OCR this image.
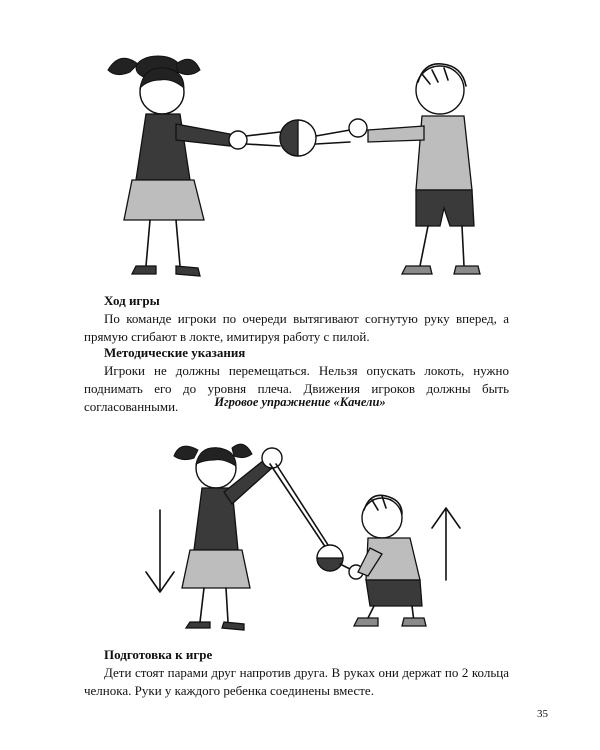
Ход игры

По команде игроки по очереди вытягивают согнутую руку вперед, а прямую сгибают в локте, имитируя работу с пилой.

Методические указания

Игроки не должны перемещаться. Нельзя опускать локоть, нужно поднимать его до уровня плеча. Движения игроков должны быть согласованными.	Игровое упражнение «Качели»
Подготовка к игре

Дети стоят парами друг напротив друга. В руках они держат по 2 кольца челнока. Руки у каждого ребенка соединены вместе.

35
